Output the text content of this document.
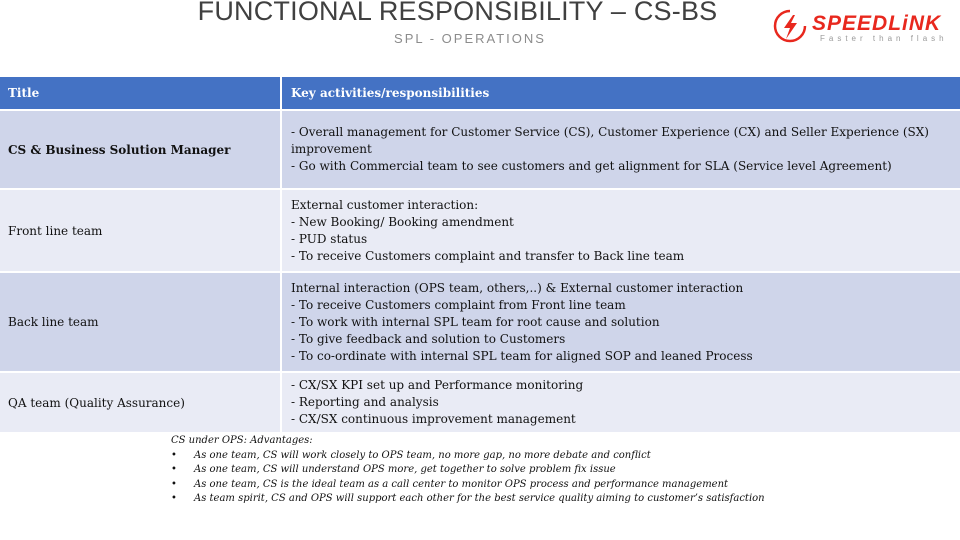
FUNCTIONAL RESPONSIBILITY – CS-BS
SPL - OPERATIONS
SPEEDLiNK
Faster than flash
Title	Key activities/responsibilities
CS & Business Solution Manager
- Overall management for Customer Service (CS), Customer Experience (CX) and Seller Experience (SX)
improvement
- Go with Commercial team to see customers and get alignment for SLA (Service level Agreement)
Front line team
External customer interaction:
- New Booking/ Booking amendment
- PUD status
- To receive Customers complaint and transfer to Back line team
Back line team
Internal interaction (OPS team, others,..) & External customer interaction
- To receive Customers complaint from Front line team
- To work with internal SPL team for root cause and solution
- To give feedback and solution to Customers
- To co-ordinate with internal SPL team for aligned SOP and leaned Process
QA team (Quality Assurance)
- CX/SX KPI set up and Performance monitoring
- Reporting and analysis
- CX/SX continuous improvement management
CS under OPS: Advantages:
• As one team, CS will work closely to OPS team, no more gap, no more debate and conflict
• As one team, CS will understand OPS more, get together to solve problem fix issue
• As one team, CS is the ideal team as a call center to monitor OPS process and performance management
• As team spirit, CS and OPS will support each other for the best service quality aiming to customer’s satisfaction
